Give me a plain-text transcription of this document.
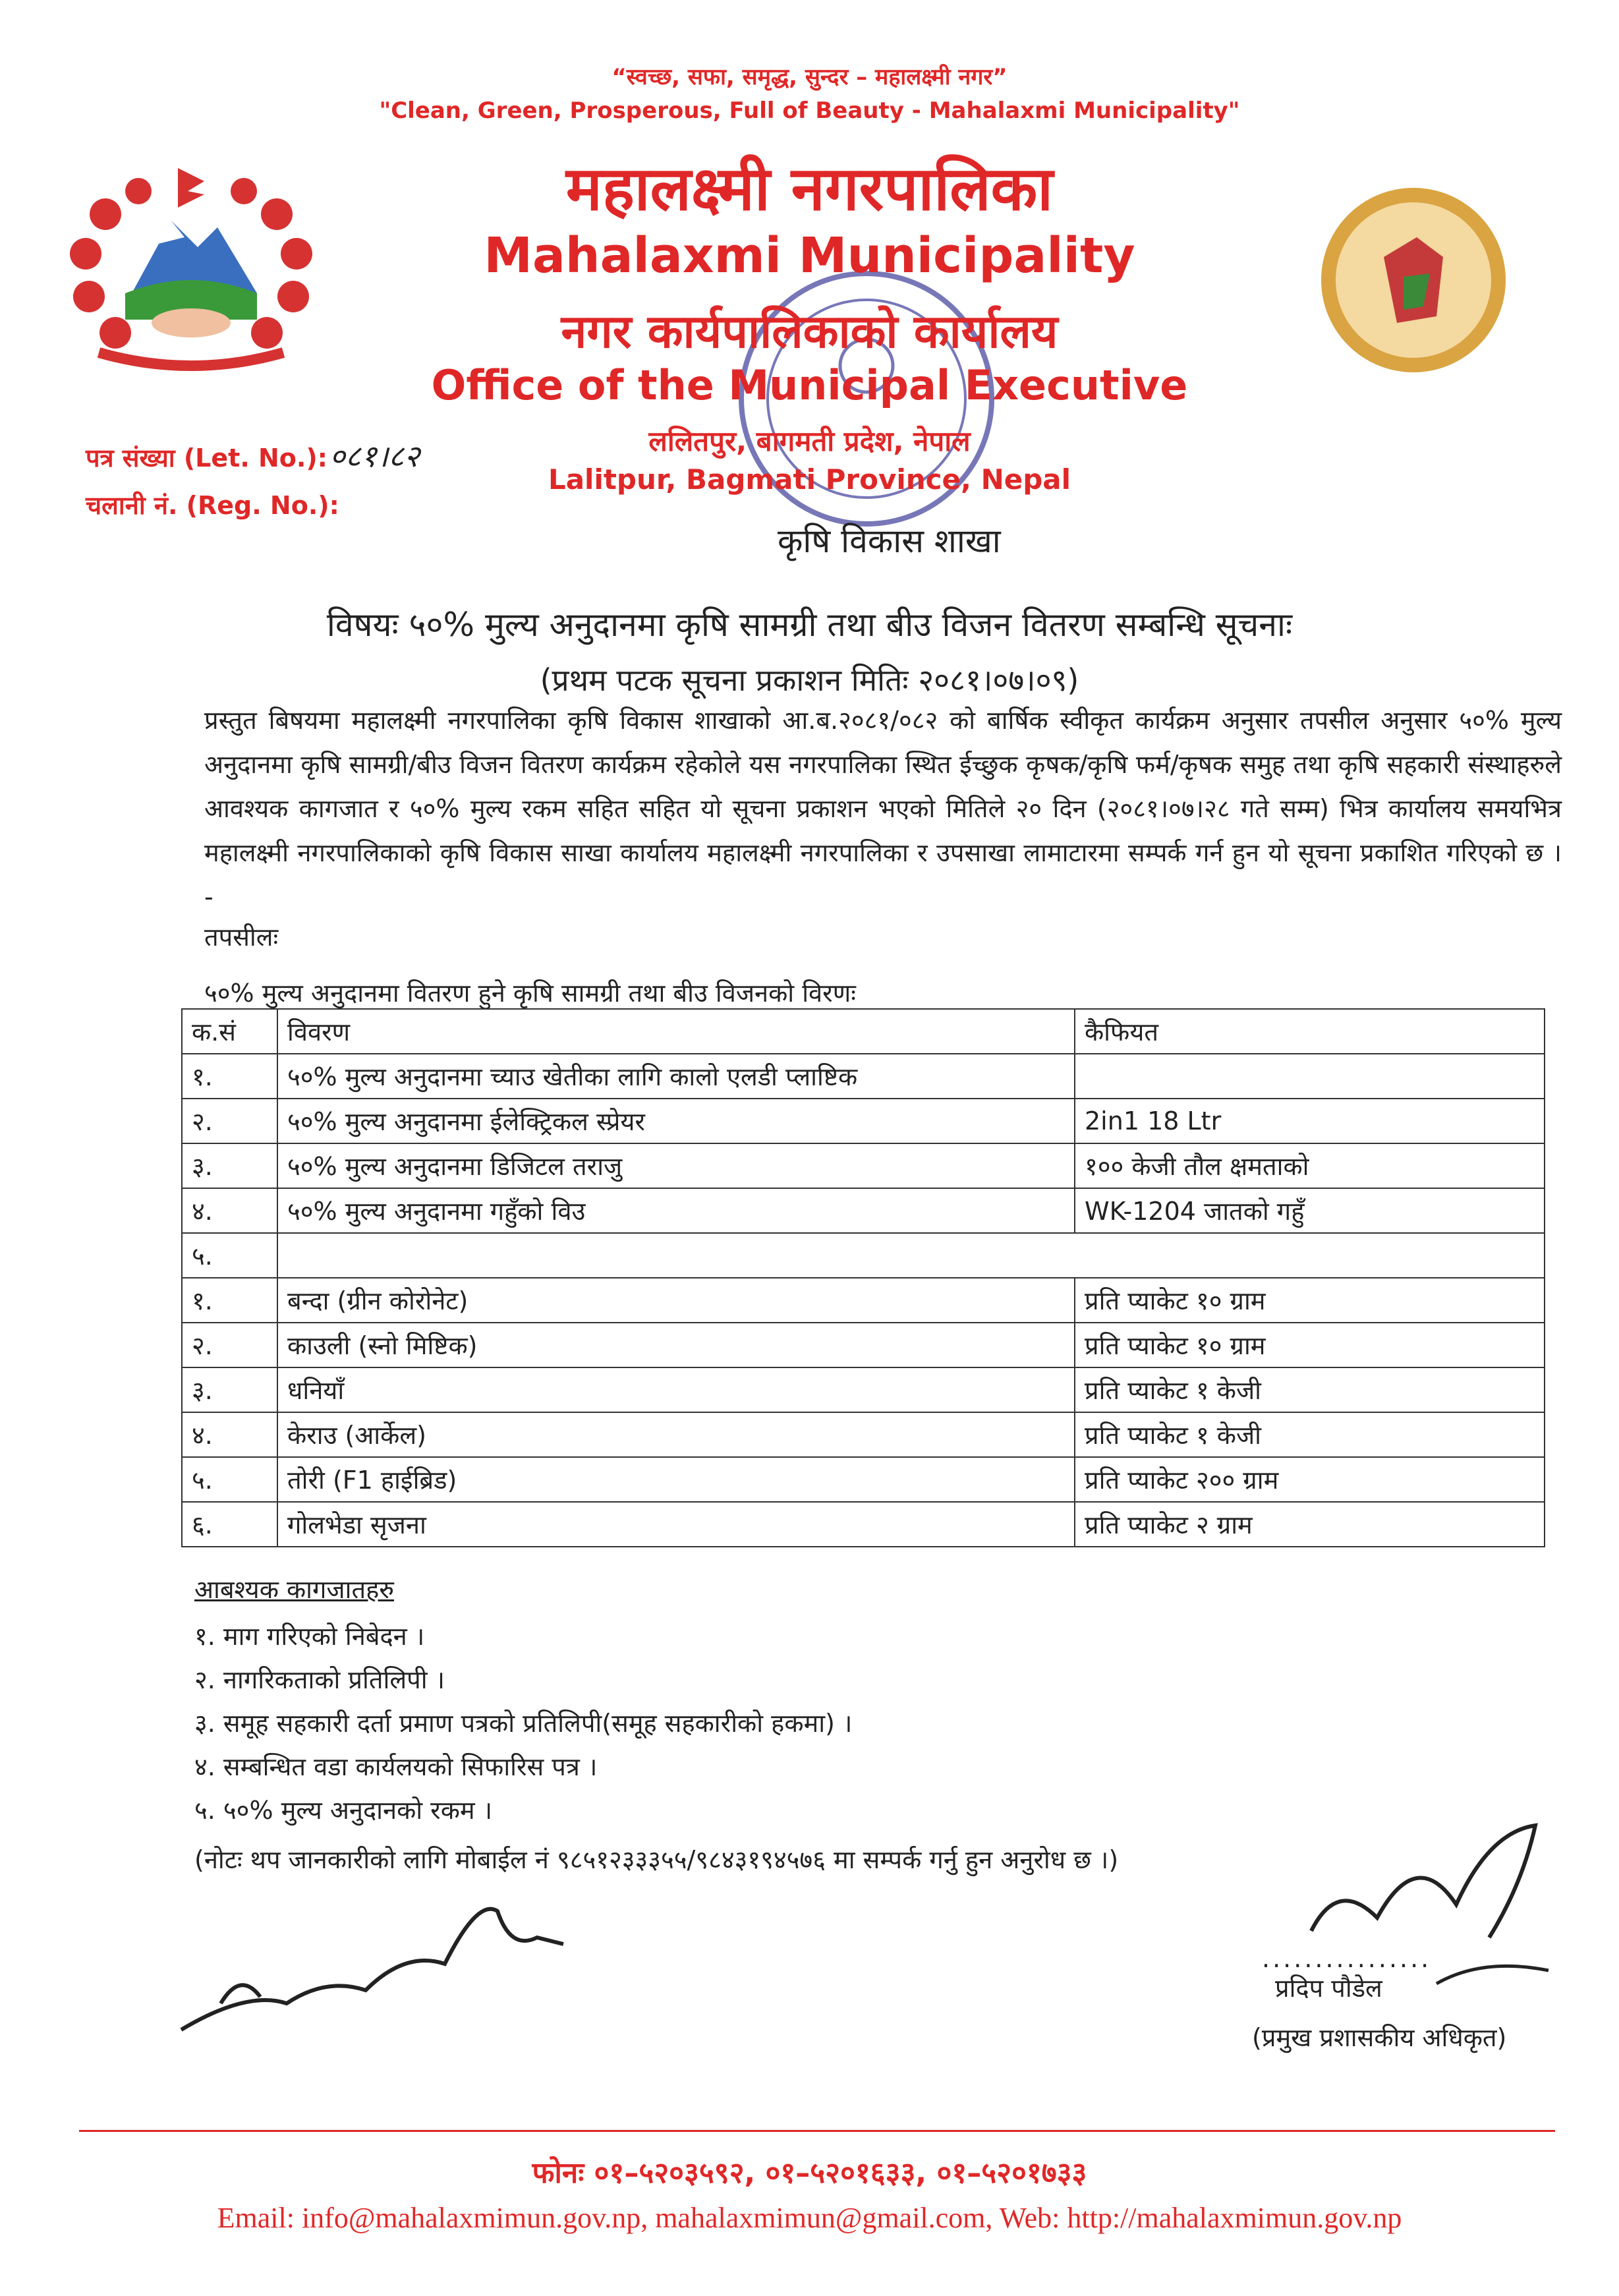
“स्वच्छ, सफा, समृद्ध, सुन्दर – महालक्ष्मी नगर”
"Clean, Green, Prosperous, Full of Beauty - Mahalaxmi Municipality"
महालक्ष्मी नगरपालिका
Mahalaxmi Municipality
नगर कार्यपालिकाको कार्यालय
Office of the Municipal Executive
ललितपुर, बागमती प्रदेश, नेपाल
Lalitpur, Bagmati Province, Nepal
पत्र संख्या (Let. No.): ०८१।८२
चलानी नं. (Reg. No.):
कृषि विकास शाखा
विषयः ५०% मुल्य अनुदानमा कृषि सामग्री तथा बीउ विजन वितरण सम्बन्धि सूचनाः
(प्रथम पटक सूचना प्रकाशन मितिः २०८१।०७।०९)
प्रस्तुत बिषयमा महालक्ष्मी नगरपालिका कृषि विकास शाखाको आ.ब.२०८१/०८२ को बार्षिक स्वीकृत कार्यक्रम अनुसार तपसील अनुसार ५०% मुल्य अनुदानमा कृषि सामग्री/बीउ विजन वितरण कार्यक्रम रहेकोले यस नगरपालिका स्थित ईच्छुक कृषक/कृषि फर्म/कृषक समुह तथा कृषि सहकारी संस्थाहरुले आवश्यक कागजात र ५०% मुल्य रकम सहित सहित यो सूचना प्रकाशन भएको मितिले २० दिन (२०८१।०७।२८ गते सम्म) भित्र कार्यालय समयभित्र महालक्ष्मी नगरपालिकाको कृषि विकास साखा कार्यालय महालक्ष्मी नगरपालिका र उपसाखा लामाटारमा सम्पर्क गर्न हुन यो सूचना प्रकाशित गरिएको छ । -
तपसीलः
५०% मुल्य अनुदानमा वितरण हुने कृषि सामग्री तथा बीउ विजनको विरणः
क.सं	विवरण	कैफियत
१.	५०% मुल्य अनुदानमा च्याउ खेतीका लागि कालो एलडी प्लाष्टिक	
२.	५०% मुल्य अनुदानमा ईलेक्ट्रिकल स्प्रेयर	2in1 18 Ltr
३.	५०% मुल्य अनुदानमा डिजिटल तराजु	१०० केजी तौल क्षमताको
४.	५०% मुल्य अनुदानमा गहुँको विउ	WK-1204 जातको गहुँ
५.		
१.	बन्दा (ग्रीन कोरोनेट)	प्रति प्याकेट १० ग्राम
२.	काउली (स्नो मिष्टिक)	प्रति प्याकेट १० ग्राम
३.	धनियाँ	प्रति प्याकेट १ केजी
४.	केराउ (आर्केल)	प्रति प्याकेट १ केजी
५.	तोरी (F1 हाईब्रिड)	प्रति प्याकेट २०० ग्राम
६.	गोलभेडा सृजना	प्रति प्याकेट २ ग्राम
आबश्यक कागजातहरु
१. माग गरिएको निबेदन ।
२. नागरिकताको प्रतिलिपी ।
३. समूह सहकारी दर्ता प्रमाण पत्रको प्रतिलिपी(समूह सहकारीको हकमा) ।
४. सम्बन्धित वडा कार्यलयको सिफारिस पत्र ।
५. ५०% मुल्य अनुदानको रकम ।
(नोटः थप जानकारीको लागि मोबाईल नं ९८५१२३३३५५/९८४३१९४५७६ मा सम्पर्क गर्नु हुन अनुरोध छ ।)
................
प्रदिप पौडेल
(प्रमुख प्रशासकीय अधिकृत)
फोनः ०१–५२०३५९२, ०१–५२०१६३३, ०१–५२०१७३३
Email: info@mahalaxmimun.gov.np, mahalaxmimun@gmail.com, Web: http://mahalaxmimun.gov.np
